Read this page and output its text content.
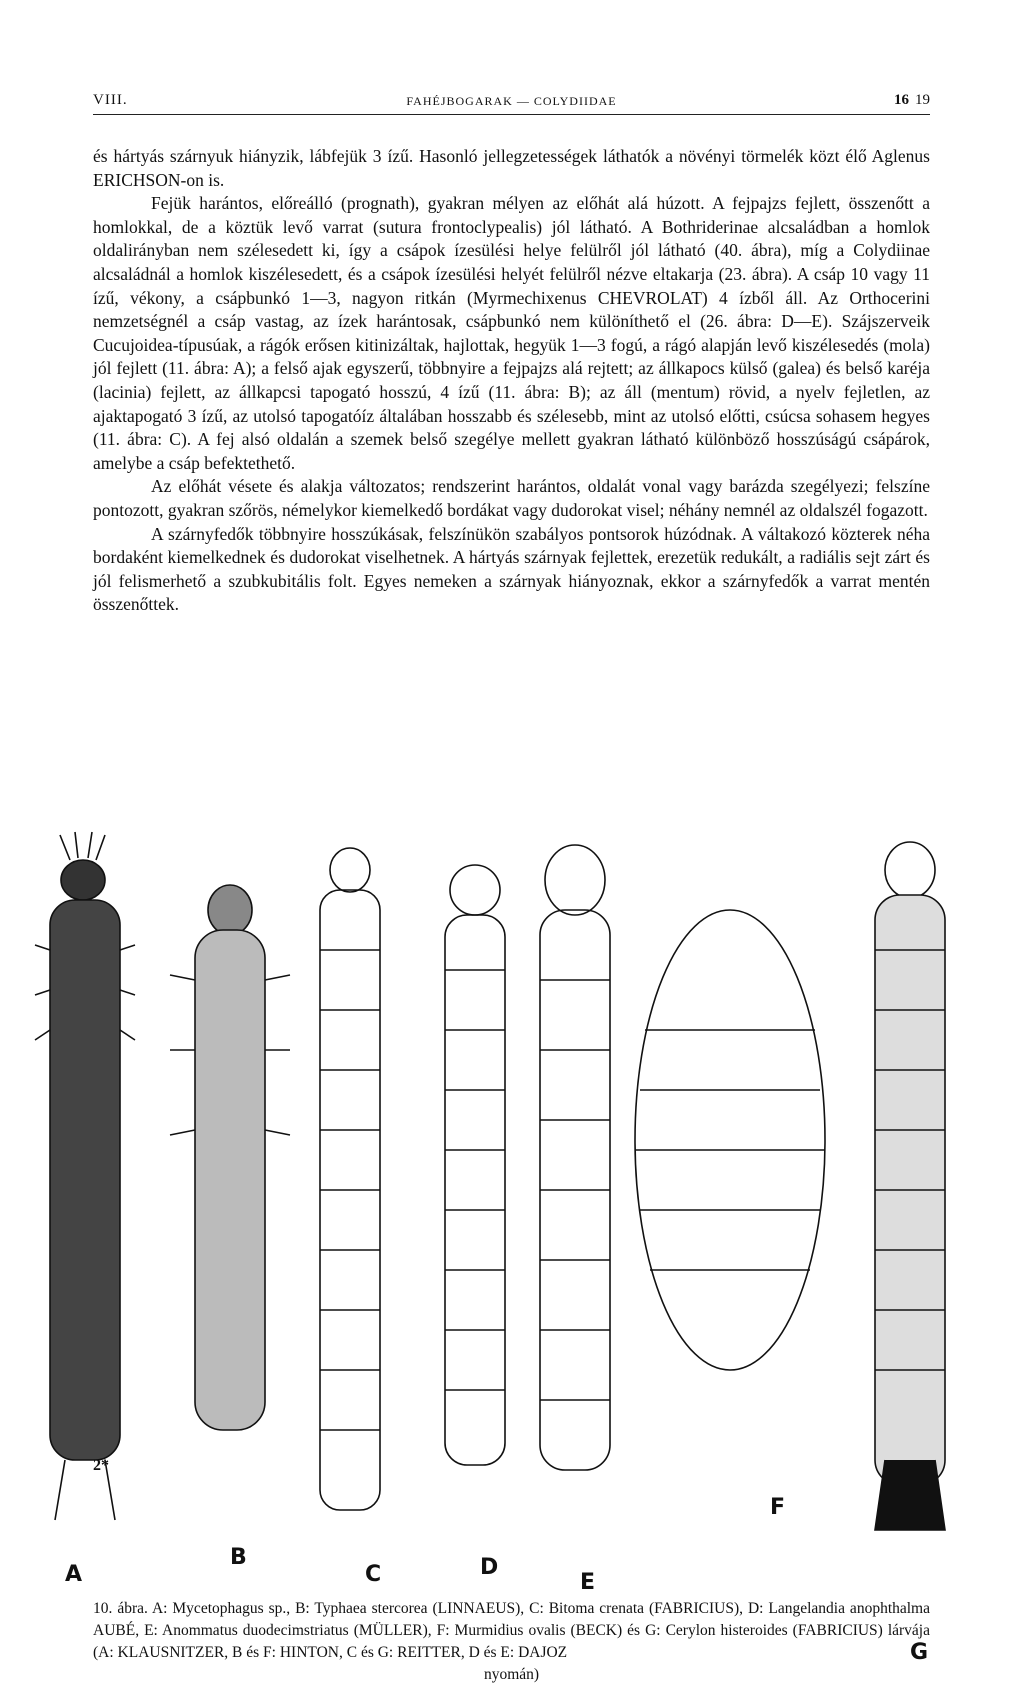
VIII.	FAHÉJBOGARAK — COLYDIIDAE	16 19

és hártyás szárnyuk hiányzik, lábfejük 3 ízű. Hasonló jellegzetességek láthatók a növényi törmelék közt élő Aglenus ERICHSON-on is.

Fejük harántos, előreálló (prognath), gyakran mélyen az előhát alá húzott. A fejpajzs fejlett, összenőtt a homlokkal, de a köztük levő varrat (sutura frontoclypealis) jól látható. A Bothriderinae alcsaládban a homlok oldalirányban nem szélesedett ki, így a csápok ízesülési helye felülről jól látható (40. ábra), míg a Colydiinae alcsaládnál a homlok kiszélesedett, és a csápok ízesülési helyét felülről nézve eltakarja (23. ábra). A csáp 10 vagy 11 ízű, vékony, a csápbunkó 1—3, nagyon ritkán (Myrmechixenus CHEVROLAT) 4 ízből áll. Az Orthocerini nemzetségnél a csáp vastag, az ízek harántosak, csápbunkó nem különíthető el (26. ábra: D—E). Szájszerveik Cucujoidea-típusúak, a rágók erősen kitinizáltak, hajlottak, hegyük 1—3 fogú, a rágó alapján levő kiszélesedés (mola) jól fejlett (11. ábra: A); a felső ajak egyszerű, többnyire a fejpajzs alá rejtett; az állkapocs külső (galea) és belső karéja (lacinia) fejlett, az állkapcsi tapogató hosszú, 4 ízű (11. ábra: B); az áll (mentum) rövid, a nyelv fejletlen, az ajaktapogató 3 ízű, az utolsó tapogatóíz általában hosszabb és szélesebb, mint az utolsó előtti, csúcsa sohasem hegyes (11. ábra: C). A fej alsó oldalán a szemek belső szegélye mellett gyakran látható különböző hosszúságú csápárok, amelybe a csáp befektethető.

Az előhát vésete és alakja változatos; rendszerint harántos, oldalát vonal vagy barázda szegélyezi; felszíne pontozott, gyakran szőrös, némelykor kiemelkedő bordákat vagy dudorokat visel; néhány nemnél az oldalszél fogazott.

A szárnyfedők többnyire hosszúkásak, felszínükön szabályos pontsorok húzódnak. A váltakozó közterek néha bordaként kiemelkednek és dudorokat viselhetnek. A hártyás szárnyak fejlettek, erezetük redukált, a radiális sejt zárt és jól felismerhető a szubkubitális folt. Egyes nemeken a szárnyak hiányoznak, ekkor a szárnyfedők a varrat mentén összenőttek.

A
B
C	D
E
F
G
10. ábra. A: Mycetophagus sp., B: Typhaea stercorea (LINNAEUS), C: Bitoma crenata (FABRICIUS), D: Langelandia anophthalma AUBÉ, E: Anommatus duodecimstriatus (MÜLLER), F: Murmidius ovalis (BECK) és G: Cerylon histeroides (FABRICIUS) lárvája (A: KLAUSNITZER, B és F: HINTON, C és G: REITTER, D és E: DAJOZ
nyomán)
2*
